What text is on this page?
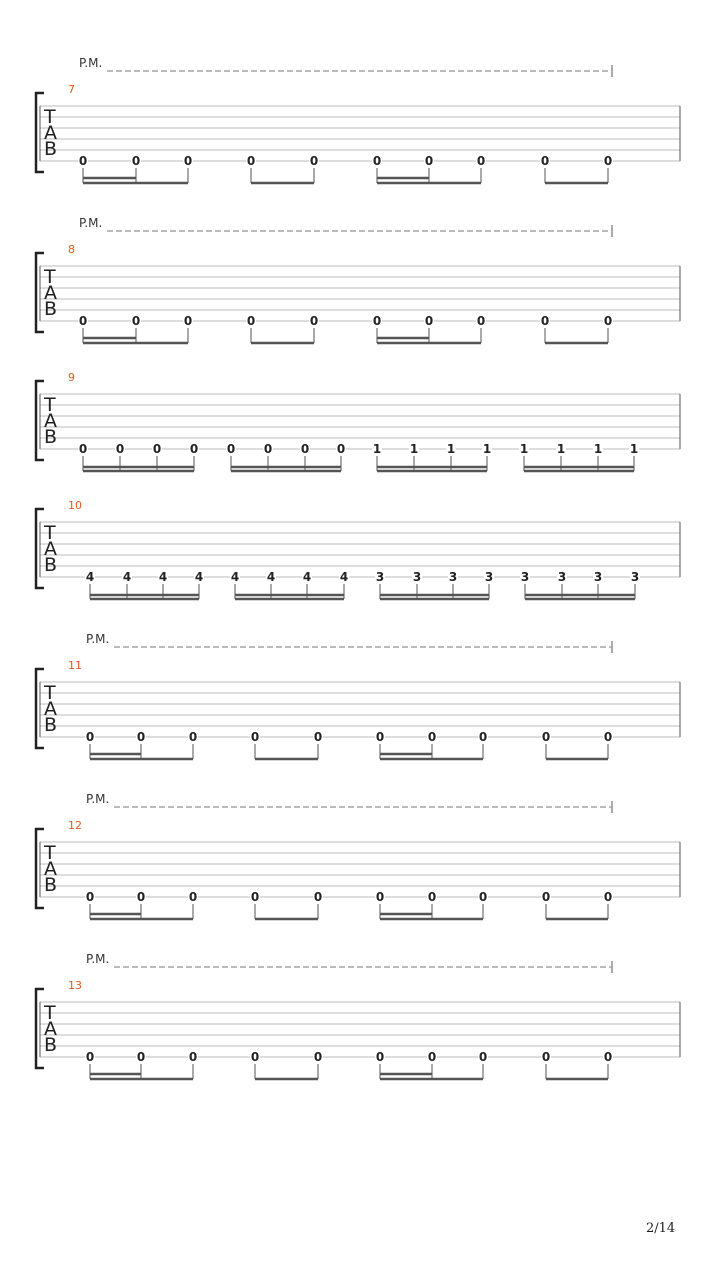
P.M.
7
T
A
B
0	0	0	0	0	0	0	0	0	0
P.M.
8
T
A
B
0	0	0	0	0	0	0	0	0	0
9
T
A
B
0 0 0 0 0 0 0 0 1 1 1 1 1 1 1 1
10
T
A
B
4 4 4 4 4 4 4 4 3 3 3 3 3 3 3 3
P.M.
11
T
A
B
0	0	0	0	0	0	0	0	0	0
P.M.
12
T
A
B
0	0	0	0	0	0	0	0	0	0
P.M.
13
T
A
B
0	0	0	0	0	0	0	0	0	0
2/14
